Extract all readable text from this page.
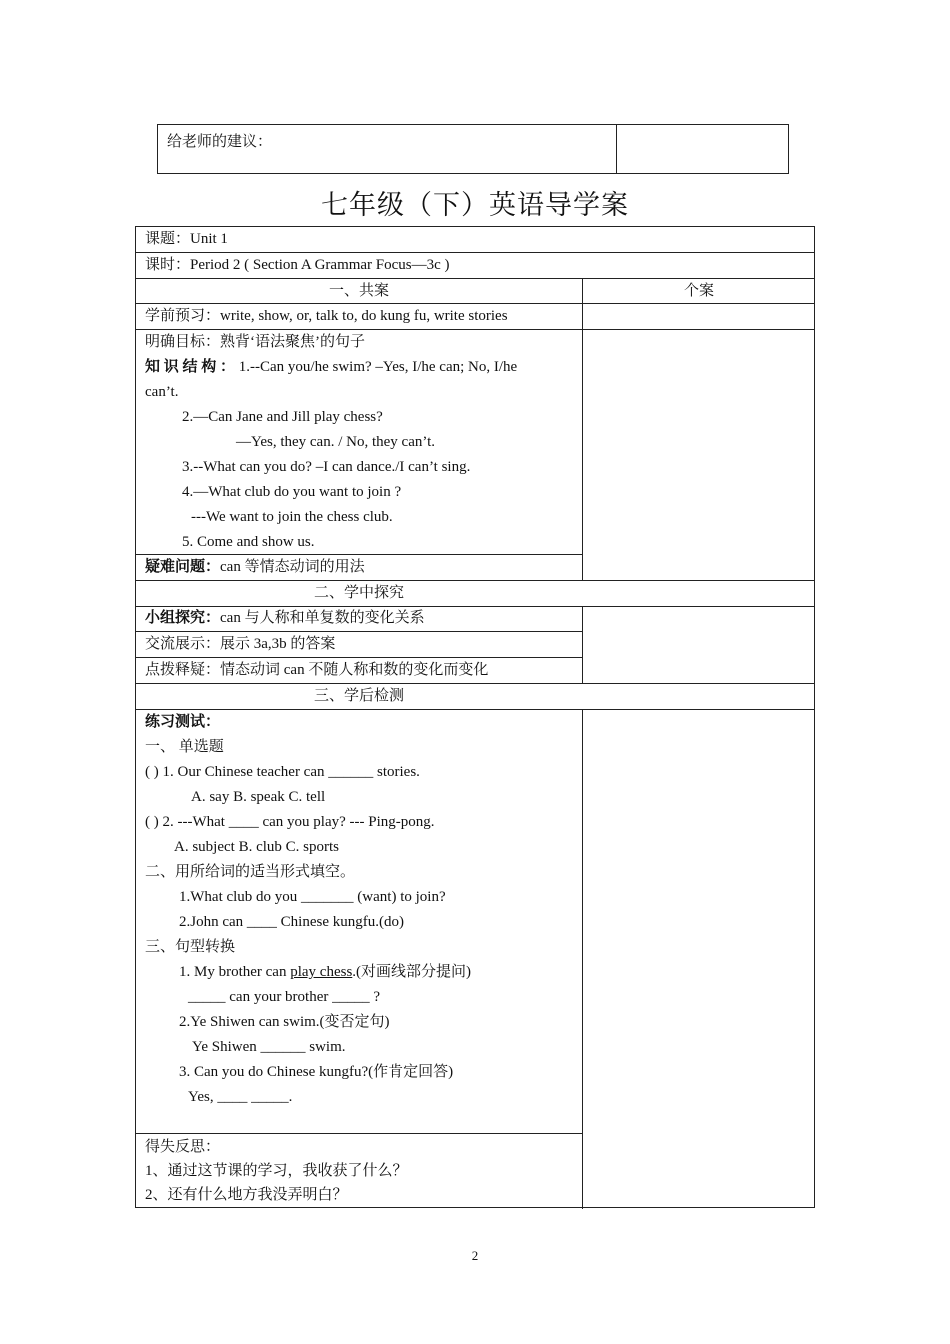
给老师的建议：
七年级（下）英语导学案
课题：Unit 1
课时：Period 2 ( Section A Grammar Focus—3c )
一、共案	个案
学前预习：write, show, or, talk to, do kung fu, write stories
明确目标：熟背‘语法聚焦’的句子
知 识 结 构 ： 1.--Can you/he swim? –Yes, I/he can; No, I/he
can’t.
2.—Can Jane and Jill play chess?
—Yes, they can. / No, they can’t.
3.--What can you do? –I can dance./I can’t sing.
4.—What club do you want to join ?
---We want to join the chess club.
5. Come and show us.
疑难问题：can 等情态动词的用法
二、学中探究
小组探究：can 与人称和单复数的变化关系
交流展示：展示 3a,3b 的答案
点拨释疑：情态动词 can 不随人称和数的变化而变化
三、学后检测
练习测试：
一、 单选题
( ) 1. Our Chinese teacher can ______ stories.
A. say B. speak C. tell
( ) 2. ---What ____ can you play? --- Ping-pong.
A. subject B. club C. sports
二、用所给词的适当形式填空。
1.What club do you _______ (want) to join?
2.John can ____ Chinese kungfu.(do)
三、句型转换
1. My brother can play chess.(对画线部分提问)
_____ can your brother _____ ?
2.Ye Shiwen can swim.(变否定句)
Ye Shiwen ______ swim.
3. Can you do Chinese kungfu?(作肯定回答)
Yes, ____ _____.
得失反思：
1、通过这节课的学习，我收获了什么？
2、还有什么地方我没弄明白？
2
